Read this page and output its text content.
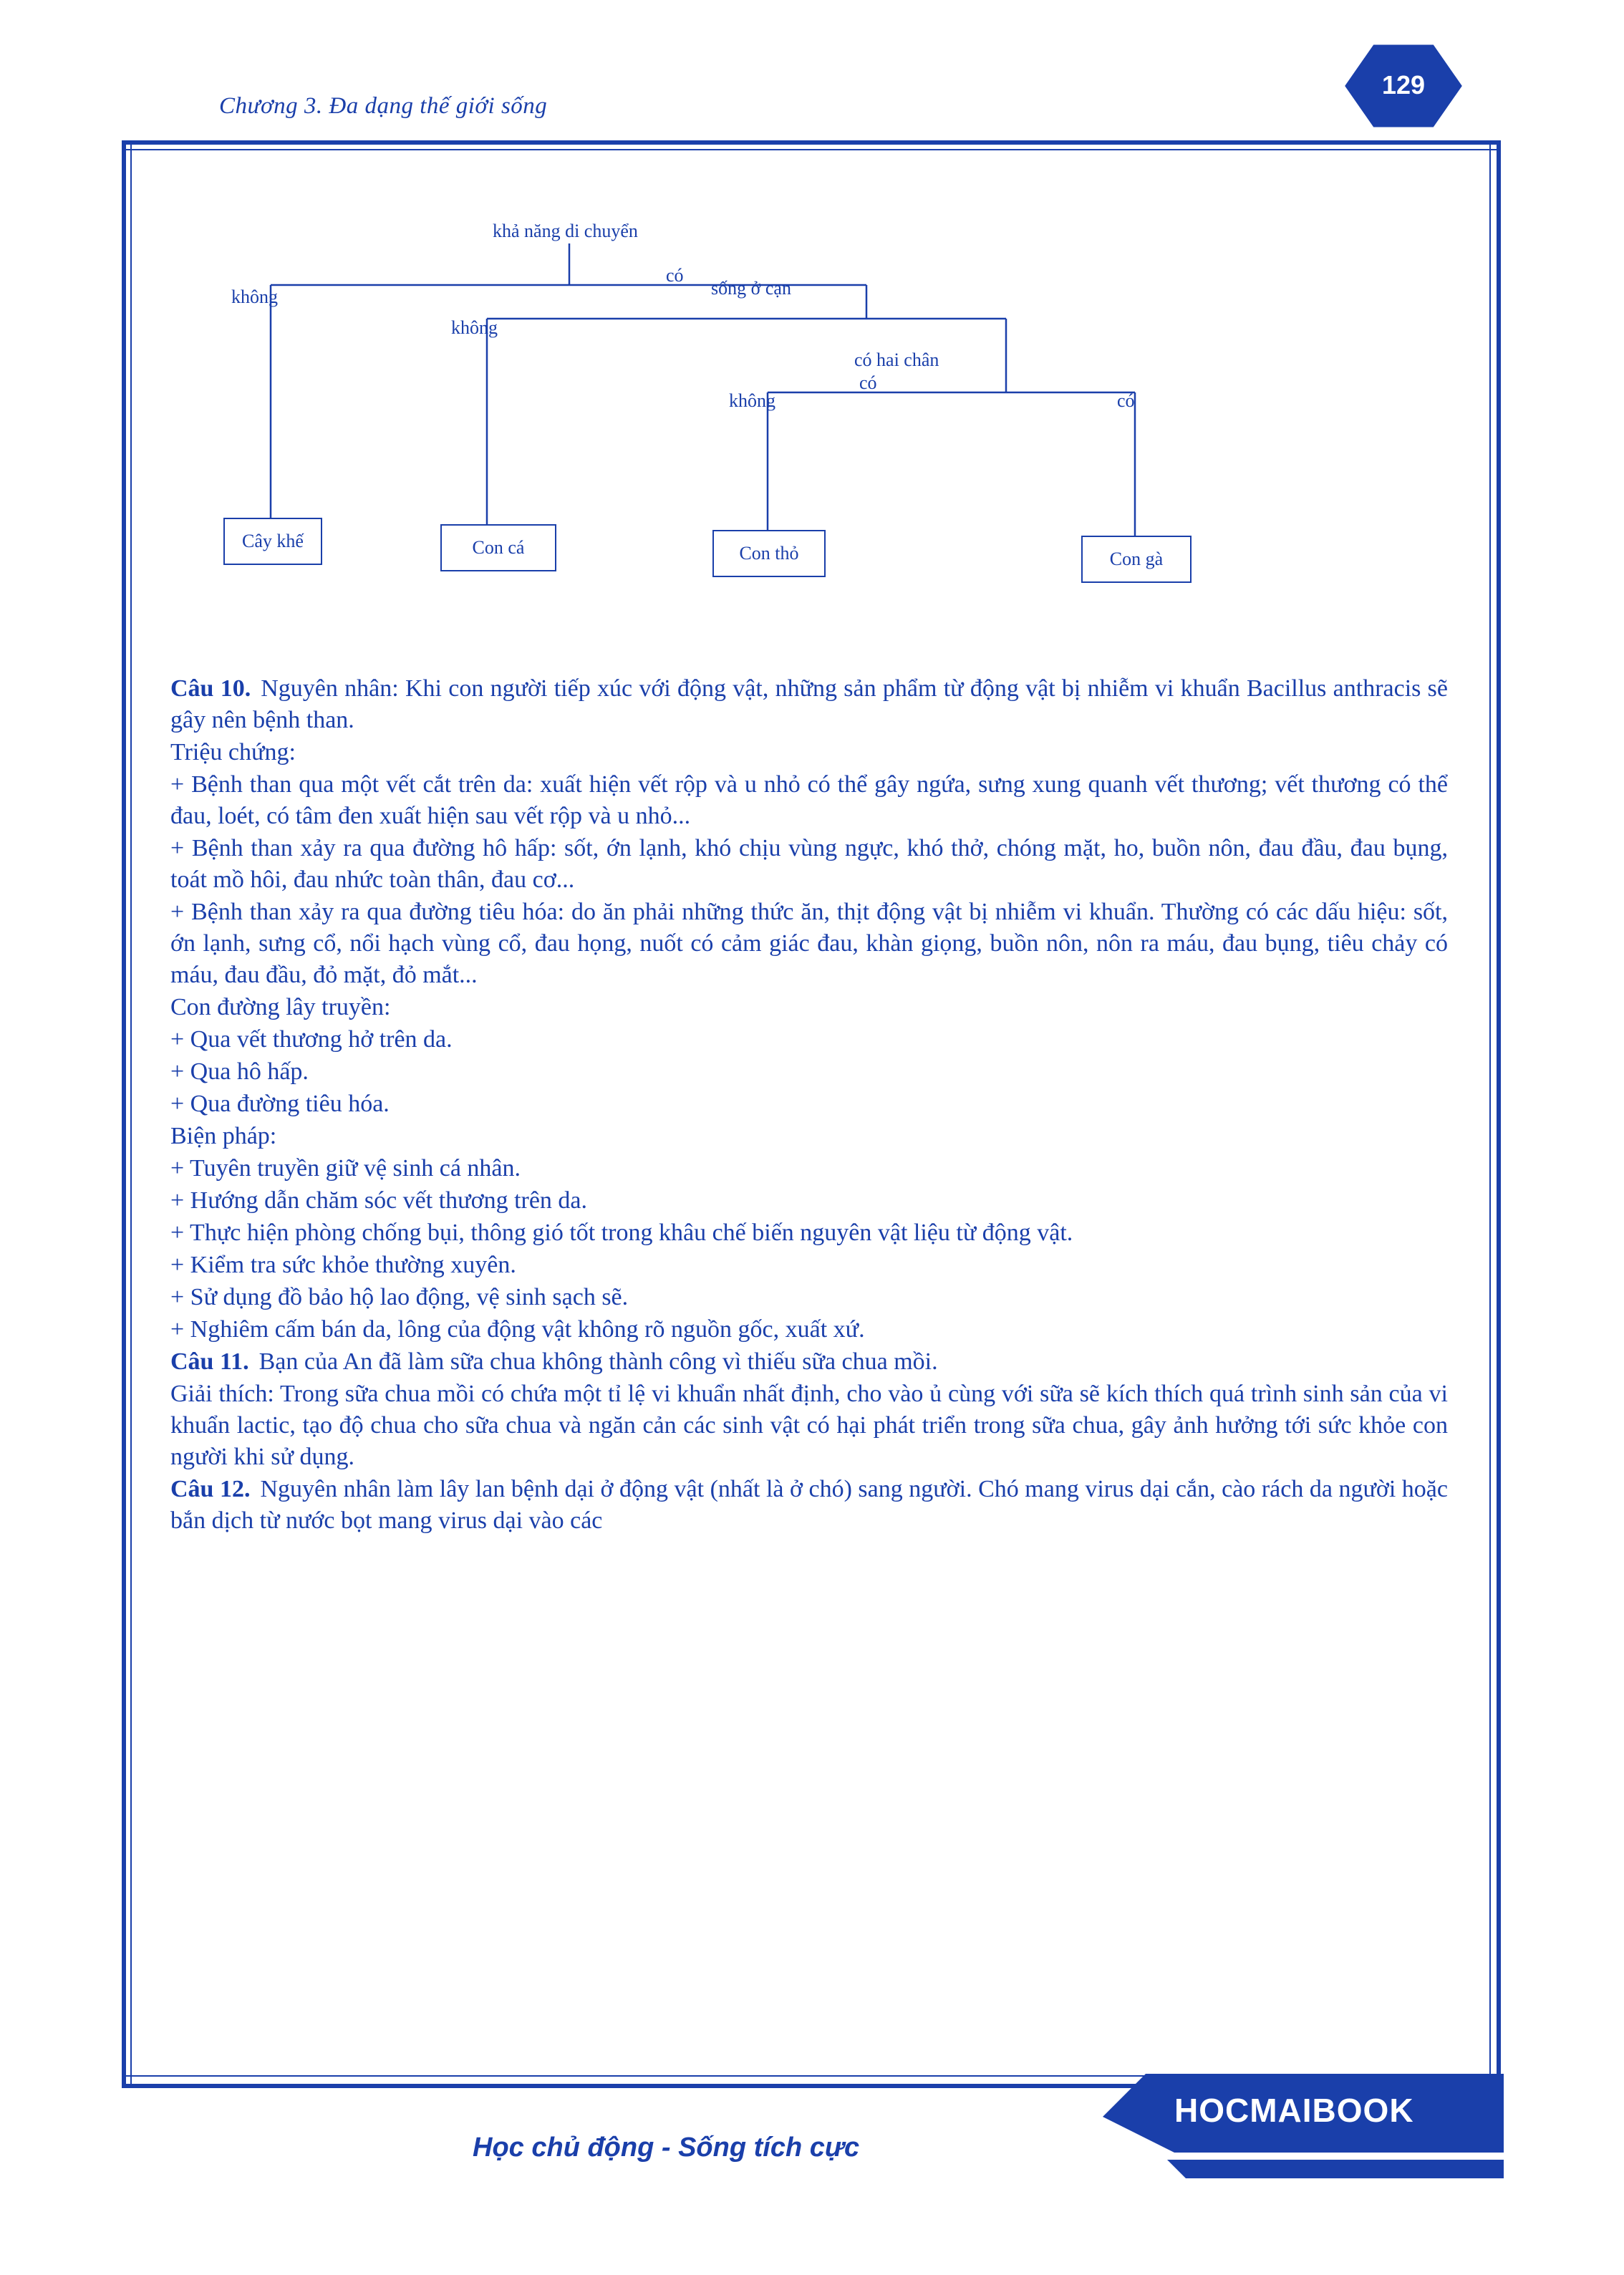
Chương 3. Đa dạng thế giới sống
129
khả năng di chuyển
sống ở cạn
có hai chân
không
có
không
có
không	có
Cây khế	Con cá	Con thỏ	Con gà

Câu 10. Nguyên nhân: Khi con người tiếp xúc với động vật, những sản phẩm từ động vật bị nhiễm vi khuẩn Bacillus anthracis sẽ gây nên bệnh than.

Triệu chứng:

+ Bệnh than qua một vết cắt trên da: xuất hiện vết rộp và u nhỏ có thể gây ngứa, sưng xung quanh vết thương; vết thương có thể đau, loét, có tâm đen xuất hiện sau vết rộp và u nhỏ...

+ Bệnh than xảy ra qua đường hô hấp: sốt, ớn lạnh, khó chịu vùng ngực, khó thở, chóng mặt, ho, buồn nôn, đau đầu, đau bụng, toát mồ hôi, đau nhức toàn thân, đau cơ...

+ Bệnh than xảy ra qua đường tiêu hóa: do ăn phải những thức ăn, thịt động vật bị nhiễm vi khuẩn. Thường có các dấu hiệu: sốt, ớn lạnh, sưng cổ, nổi hạch vùng cổ, đau họng, nuốt có cảm giác đau, khàn giọng, buồn nôn, nôn ra máu, đau bụng, tiêu chảy có máu, đau đầu, đỏ mặt, đỏ mắt...

Con đường lây truyền:

+ Qua vết thương hở trên da.

+ Qua hô hấp.

+ Qua đường tiêu hóa.

Biện pháp:

+ Tuyên truyền giữ vệ sinh cá nhân.

+ Hướng dẫn chăm sóc vết thương trên da.

+ Thực hiện phòng chống bụi, thông gió tốt trong khâu chế biến nguyên vật liệu từ động vật.

+ Kiểm tra sức khỏe thường xuyên.

+ Sử dụng đồ bảo hộ lao động, vệ sinh sạch sẽ.

+ Nghiêm cấm bán da, lông của động vật không rõ nguồn gốc, xuất xứ.

Câu 11. Bạn của An đã làm sữa chua không thành công vì thiếu sữa chua mồi.

Giải thích: Trong sữa chua mồi có chứa một tỉ lệ vi khuẩn nhất định, cho vào ủ cùng với sữa sẽ kích thích quá trình sinh sản của vi khuẩn lactic, tạo độ chua cho sữa chua và ngăn cản các sinh vật có hại phát triển trong sữa chua, gây ảnh hưởng tới sức khỏe con người khi sử dụng.

Câu 12. Nguyên nhân làm lây lan bệnh dại ở động vật (nhất là ở chó) sang người. Chó mang virus dại cắn, cào rách da người hoặc bắn dịch từ nước bọt mang virus dại vào các

Học chủ động - Sống tích cực
HOCMAIBOOK
